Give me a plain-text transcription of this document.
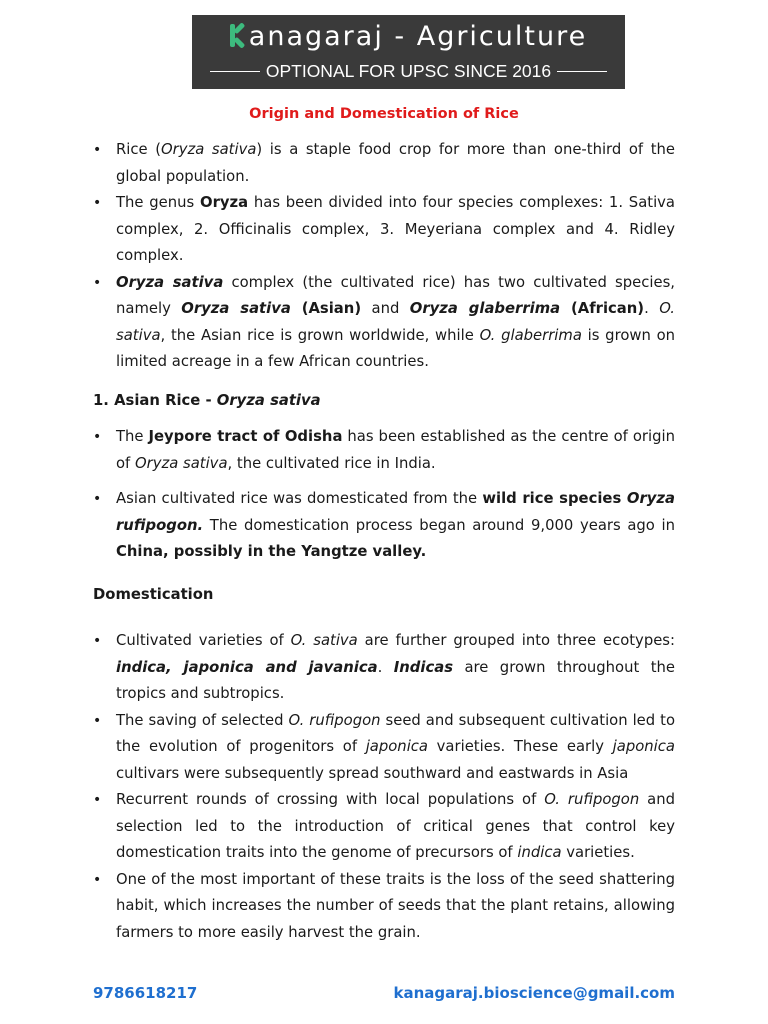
anagaraj - Agriculture
OPTIONAL FOR UPSC SINCE 2016
Origin and Domestication of Rice
• Rice (Oryza sativa) is a staple food crop for more than one-third of the global population.
• The genus Oryza has been divided into four species complexes: 1. Sativa complex, 2. Officinalis complex, 3. Meyeriana complex and 4. Ridley complex.
• Oryza sativa complex (the cultivated rice) has two cultivated species, namely Oryza sativa (Asian) and Oryza glaberrima (African). O. sativa, the Asian rice is grown worldwide, while O. glaberrima is grown on limited acreage in a few African countries.

1. Asian Rice - Oryza sativa

• The Jeypore tract of Odisha has been established as the centre of origin of Oryza sativa, the cultivated rice in India.
• Asian cultivated rice was domesticated from the wild rice species Oryza rufipogon. The domestication process began around 9,000 years ago in China, possibly in the Yangtze valley.

Domestication

• Cultivated varieties of O. sativa are further grouped into three ecotypes: indica, japonica and javanica. Indicas are grown throughout the tropics and subtropics.
• The saving of selected O. rufipogon seed and subsequent cultivation led to the evolution of progenitors of japonica varieties. These early japonica cultivars were subsequently spread southward and eastwards in Asia
• Recurrent rounds of crossing with local populations of O. rufipogon and selection led to the introduction of critical genes that control key domestication traits into the genome of precursors of indica varieties.
• One of the most important of these traits is the loss of the seed shattering habit, which increases the number of seeds that the plant retains, allowing farmers to more easily harvest the grain.
9786618217	kanagaraj.bioscience@gmail.com
